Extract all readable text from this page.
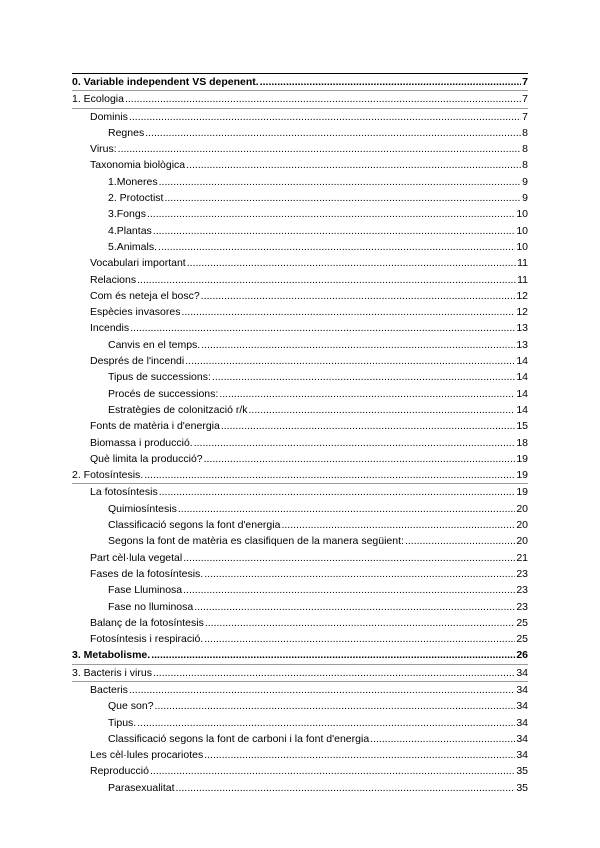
0. Variable independent VS depenent. .....	7
1. Ecologia .....	7
Dominis .....	7
Regnes .....	8
Virus: .....	8
Taxonomia biològica .....	8
1.Moneres .....	9
2. Protoctist .....	9
3.Fongs .....	10
4.Plantas .....	10
5.Animals. .....	10
Vocabulari important .....	11
Relacions .....	11
Com és neteja el bosc? .....	12
Espècies invasores .....	12
Incendis .....	13
Canvis en el temps. .....	13
Després de l'incendi .....	14
Tipus de successions: .....	14
Procés de successions: .....	14
Estratègies de colonització r/k .....	14
Fonts de matèria i d'energia .....	15
Biomassa i producció. .....	18
Què limita la producció? .....	19
2. Fotosíntesis. .....	19
La fotosíntesis .....	19
Quimiosíntesis .....	20
Classificació segons la font d'energia .....	20
Segons la font de matèria es clasifiquen de la manera següient: .....	20
Part cèl·lula vegetal .....	21
Fases de la fotosíntesis. .....	23
Fase Lluminosa .....	23
Fase no lluminosa .....	23
Balanç de la fotosíntesis .....	25
Fotosíntesis i respiració. .....	25
3. Metabolisme. .....	26
3. Bacteris i virus .....	34
Bacteris .....	34
Que son? .....	34
Tipus. .....	34
Classificació segons la font de carboni i la font d'energia .....	34
Les cèl·lules procariotes .....	34
Reproducció .....	35
Parasexualitat .....	35
